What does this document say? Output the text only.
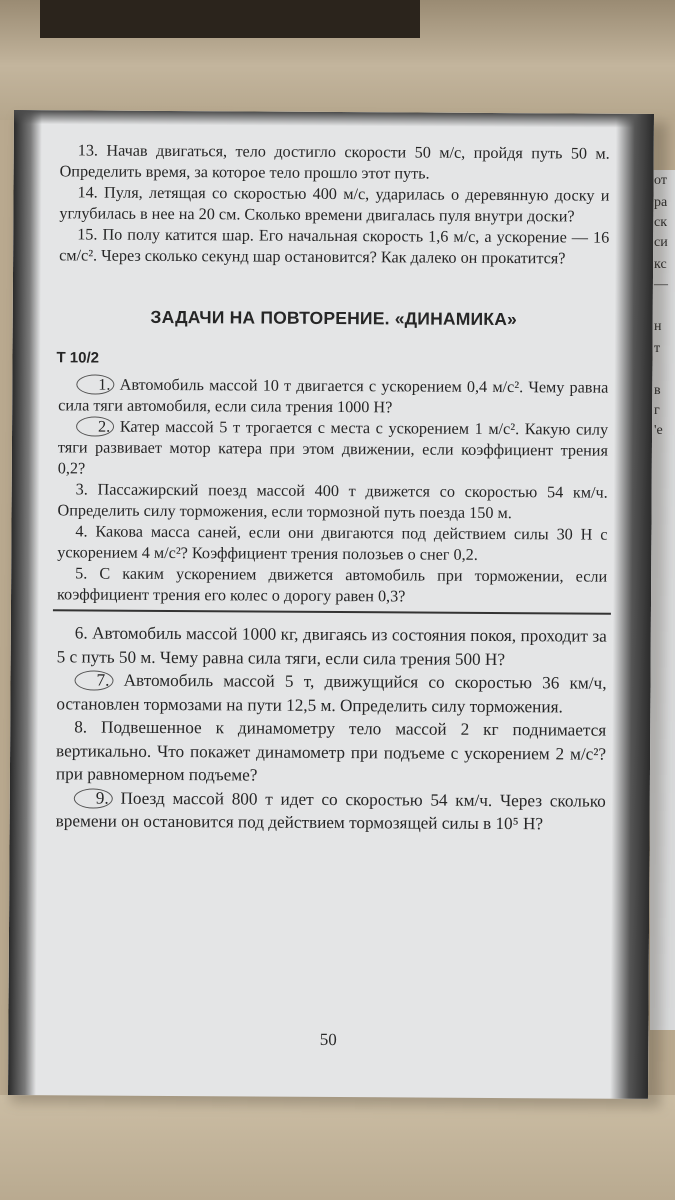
от
ра
ск
си
кс
—
н
т
в
г
'е

13. Начав двигаться, тело достигло скорости 50 м/с, пройдя путь 50 м. Определить время, за которое тело прошло этот путь.

14. Пуля, летящая со скоростью 400 м/с, ударилась о деревянную доску и углубилась в нее на 20 см. Сколько времени двигалась пуля внутри доски?

15. По полу катится шар. Его начальная скорость 1,6 м/с, а ускорение — 16 см/с². Через сколько секунд шар остановится? Как далеко он прокатится?

ЗАДАЧИ НА ПОВТОРЕНИЕ. «ДИНАМИКА»
Т 10/2

1. Автомобиль массой 10 т двигается с ускорением 0,4 м/с². Чему равна сила тяги автомобиля, если сила трения 1000 Н?

2. Катер массой 5 т трогается с места с ускорением 1 м/с². Какую силу тяги развивает мотор катера при этом движении, если коэффициент трения 0,2?

3. Пассажирский поезд массой 400 т движется со скоростью 54 км/ч. Определить силу торможения, если тормозной путь поезда 150 м.

4. Какова масса саней, если они двигаются под действием силы 30 Н с ускорением 4 м/с²? Коэффициент трения полозьев о снег 0,2.

5. С каким ускорением движется автомобиль при торможении, если коэффициент трения его колес о дорогу равен 0,3?

6. Автомобиль массой 1000 кг, двигаясь из состояния покоя, проходит за 5 с путь 50 м. Чему равна сила тяги, если сила трения 500 Н?

7. Автомобиль массой 5 т, движущийся со скоростью 36 км/ч, остановлен тормозами на пути 12,5 м. Определить силу торможения.

8. Подвешенное к динамометру тело массой 2 кг поднимается вертикально. Что покажет динамометр при подъеме с ускорением 2 м/с²? при равномерном подъеме?

9. Поезд массой 800 т идет со скоростью 54 км/ч. Через сколько времени он остановится под действием тормозящей силы в 10⁵ Н?

50
